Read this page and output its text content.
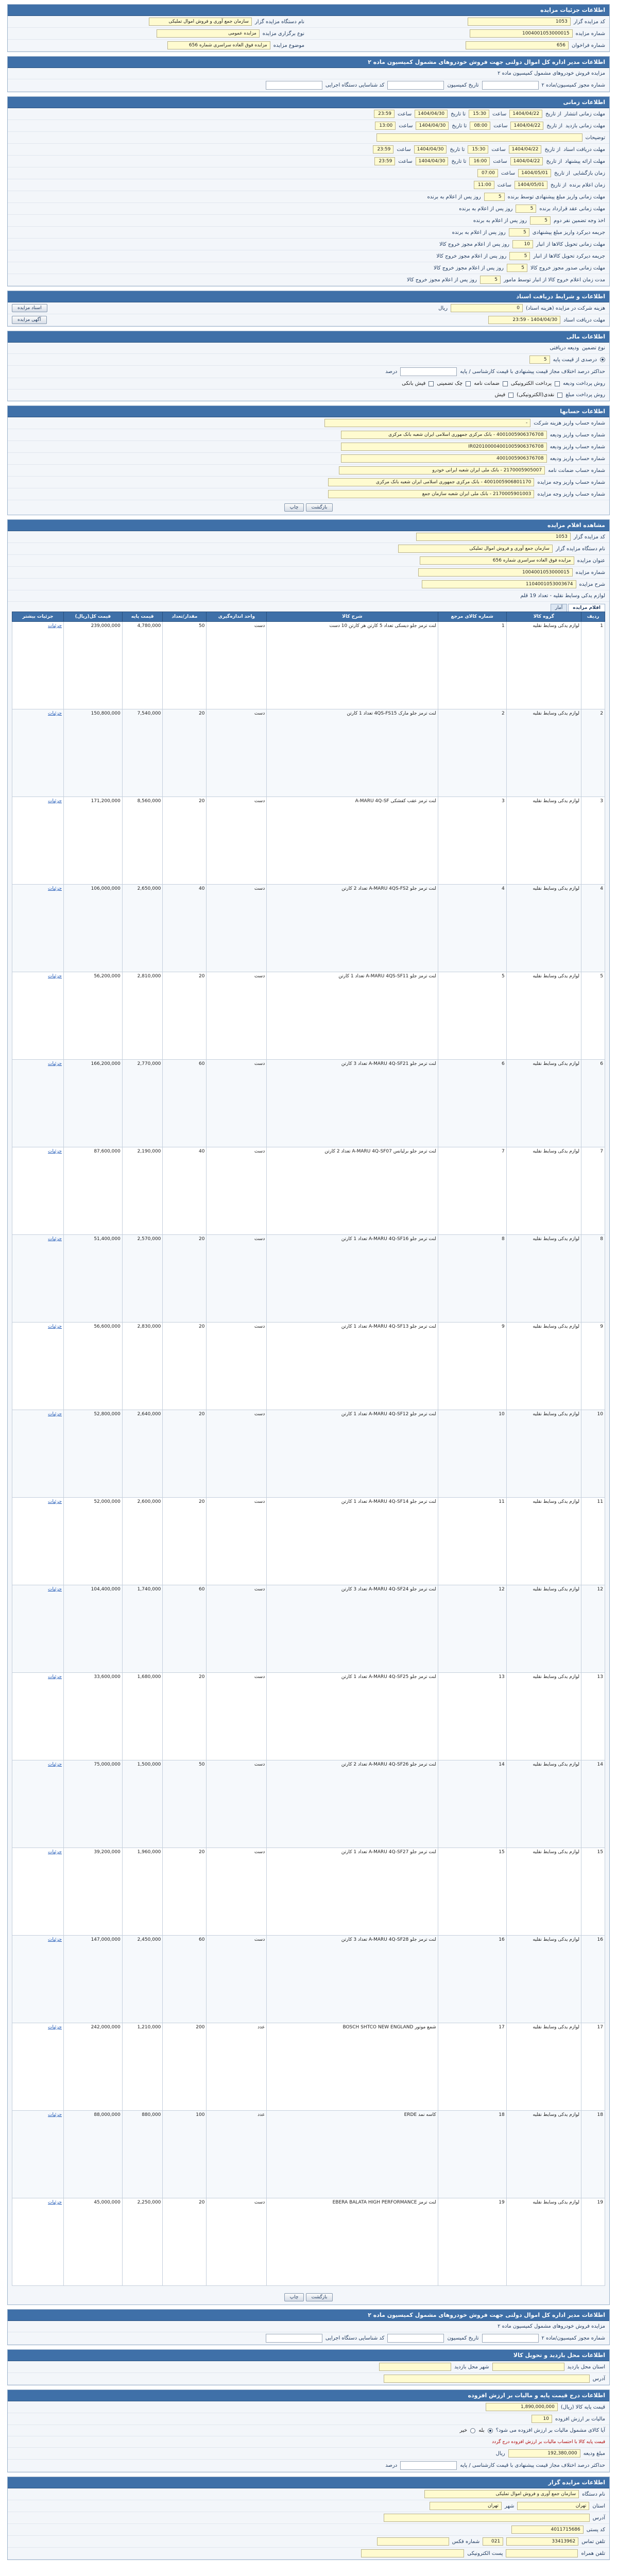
اطلاعات جزئیات مزایده
کد مزایده گزار
1053
نام دستگاه مزایده گزار
سازمان جمع آوری و فروش اموال تملیکی
شماره مزایده
1004001053000015
نوع برگزاری مزایده
مزایده عمومی
شماره فراخوان
656
موضوع مزایده
مزایده فوق العاده سراسری شماره 656
اطلاعات مدیر اداره کل اموال دولتی جهت فروش خودروهای مشمول کمیسیون ماده ۲
مزایده فروش خودروهای مشمول کمیسیون ماده ۲
شماره مجوز کمیسیون/ماده ۲
تاریخ کمیسیون
کد شناسایی دستگاه اجرایی
اطلاعات زمانی
مهلت زمانی انتشار
از تاریخ
1404/04/22
ساعت
15:30
تا تاریخ
1404/04/30
ساعت
23:59
مهلت زمانی بازدید
از تاریخ
1404/04/22
ساعت
08:00
تا تاریخ
1404/04/30
ساعت
13:00
توضیحات
مهلت دریافت اسناد
از تاریخ
1404/04/22
ساعت
15:30
تا تاریخ
1404/04/30
ساعت
23:59
مهلت ارائه پیشنهاد
از تاریخ
1404/04/22
ساعت
16:00
تا تاریخ
1404/04/30
ساعت
23:59
زمان بازگشایی
از تاریخ
1404/05/01
ساعت
07:00
زمان اعلام برنده
از تاریخ
1404/05/01
ساعت
11:00
مهلت زمانی واریز مبلغ پیشنهادی توسط برنده
5
روز پس از اعلام به برنده
مهلت زمانی عقد قرارداد برنده
5
روز پس از اعلام به برنده
اخذ وجه تضمین نفر دوم
5
روز پس از اعلام به برنده
جریمه دیرکرد واریز مبلغ پیشنهادی
5
روز پس از اعلام به برنده
مهلت زمانی تحویل کالاها از انبار
10
روز پس از اعلام مجوز خروج کالا
جریمه دیرکرد تحویل کالاها از انبار
5
روز پس از اعلام مجوز خروج کالا
مهلت زمانی صدور مجوز خروج کالا
5
روز پس از اعلام مجوز خروج کالا
مدت زمان اعلام خروج کالا از انبار توسط مامور
5
روز پس از اعلام مجوز خروج کالا
اطلاعات و شرایط دریافت اسناد
هزینه شرکت در مزایده (هزینه اسناد)
0
ریال
اسناد مزایده
مهلت دریافت اسناد
1404/04/30 - 23:59
آگهی مزایده
اطلاعات مالی
نوع تضمین
ودیعه دریافتی
درصدی از قیمت پایه
5
حداکثر درصد اختلاف مجاز قیمت پیشنهادی با قیمت کارشناسی / پایه
درصد
روش پرداخت ودیعه
پرداخت الکترونیکی
ضمانت نامه
چک تضمینی
فیش بانکی
روش پرداخت مبلغ
نقدی(الکترونیکی)
فیش
اطلاعات حسابها
شماره حساب واریز هزینه شرکت
-
شماره حساب واریز ودیعه
4001005906376708 - بانک مرکزی جمهوری اسلامی ایران شعبه بانک مرکزی
شماره حساب واریز ودیعه
IR020100004001005906376708
شماره حساب واریز ودیعه
4001005906376708
شماره حساب ضمانت نامه
2170005905007 - بانک ملی ایران شعبه ایرانی خودرو
شماره حساب واریز وجه مزایده
4001005906801170 - بانک مرکزی جمهوری اسلامی ایران شعبه بانک مرکزی
شماره حساب واریز وجه مزایده
2170005901003 - بانک ملی ایران شعبه سازمان جمع
بازگشت چاپ
مشاهده اقلام مزایده
کد مزایده گزار
1053
نام دستگاه مزایده گزار
سازمان جمع آوری و فروش اموال تملیکی
عنوان مزایده
مزایده فوق العاده سراسری شماره 656
شماره مزایده
1004001053000015
شرح مزایده
1104001053003674
لوازم یدکی وسایط نقلیه - تعداد 19 قلم
اقلام مزایده
آمار
ردیف	گروه کالا	شماره کالای مرجع	شرح کالا	واحد اندازه‌گیری	مقدار/تعداد	قیمت پایه	قیمت کل(ریال)	جزئیات بیشتر
1	لوازم یدکی وسایط نقلیه	1	لنت ترمز جلو دیسکی تعداد 5 کارتن هر کارتن 10 دست	دست	50	4,780,000	239,000,000	جزئیات
2	لوازم یدکی وسایط نقلیه	2	لنت ترمز جلو مارک 4QS-FS15 تعداد 1 کارتن	دست	20	7,540,000	150,800,000	جزئیات
3	لوازم یدکی وسایط نقلیه	3	لنت ترمز عقب کفشکی A-MARU 4Q-SF	دست	20	8,560,000	171,200,000	جزئیات
4	لوازم یدکی وسایط نقلیه	4	لنت ترمز جلو A-MARU 4QS-FS2 تعداد 2 کارتن	دست	40	2,650,000	106,000,000	جزئیات
5	لوازم یدکی وسایط نقلیه	5	لنت ترمز جلو A-MARU 4QS-SF11 تعداد 1 کارتن	دست	20	2,810,000	56,200,000	جزئیات
6	لوازم یدکی وسایط نقلیه	6	لنت ترمز جلو A-MARU 4Q-SF21 تعداد 3 کارتن	دست	60	2,770,000	166,200,000	جزئیات
7	لوازم یدکی وسایط نقلیه	7	لنت ترمز جلو برلیانس A-MARU 4Q-SF07 تعداد 2 کارتن	دست	40	2,190,000	87,600,000	جزئیات
8	لوازم یدکی وسایط نقلیه	8	لنت ترمز جلو A-MARU 4Q-SF16 تعداد 1 کارتن	دست	20	2,570,000	51,400,000	جزئیات
9	لوازم یدکی وسایط نقلیه	9	لنت ترمز جلو A-MARU 4Q-SF13 تعداد 1 کارتن	دست	20	2,830,000	56,600,000	جزئیات
10	لوازم یدکی وسایط نقلیه	10	لنت ترمز جلو A-MARU 4Q-SF12 تعداد 1 کارتن	دست	20	2,640,000	52,800,000	جزئیات
11	لوازم یدکی وسایط نقلیه	11	لنت ترمز جلو A-MARU 4Q-SF14 تعداد 1 کارتن	دست	20	2,600,000	52,000,000	جزئیات
12	لوازم یدکی وسایط نقلیه	12	لنت ترمز جلو A-MARU 4Q-SF24 تعداد 3 کارتن	دست	60	1,740,000	104,400,000	جزئیات
13	لوازم یدکی وسایط نقلیه	13	لنت ترمز جلو A-MARU 4Q-SF25 تعداد 1 کارتن	دست	20	1,680,000	33,600,000	جزئیات
14	لوازم یدکی وسایط نقلیه	14	لنت ترمز جلو A-MARU 4Q-SF26 تعداد 2 کارتن	دست	50	1,500,000	75,000,000	جزئیات
15	لوازم یدکی وسایط نقلیه	15	لنت ترمز جلو A-MARU 4Q-SF27 تعداد 1 کارتن	دست	20	1,960,000	39,200,000	جزئیات
16	لوازم یدکی وسایط نقلیه	16	لنت ترمز جلو A-MARU 4Q-SF28 تعداد 3 کارتن	دست	60	2,450,000	147,000,000	جزئیات
17	لوازم یدکی وسایط نقلیه	17	شمع موتور BOSCH SHTCO NEW ENGLAND	عدد	200	1,210,000	242,000,000	جزئیات
18	لوازم یدکی وسایط نقلیه	18	کاسه نمد ERDE	عدد	100	880,000	88,000,000	جزئیات
19	لوازم یدکی وسایط نقلیه	19	لنت ترمز EBERA BALATA HIGH PERFORMANCE	دست	20	2,250,000	45,000,000	جزئیات
بازگشت چاپ
اطلاعات مدیر اداره کل اموال دولتی جهت فروش خودروهای مشمول کمیسیون ماده ۲
مزایده فروش خودروهای مشمول کمیسیون ماده ۲
شماره مجوز کمیسیون/ماده ۲
تاریخ کمیسیون
کد شناسایی دستگاه اجرایی
اطلاعات محل بازدید و تحویل کالا
استان محل بازدید
شهر محل بازدید
آدرس
اطلاعات درج قیمت پایه و مالیات بر ارزش افزوده
قیمت پایه کالا (ریال)
1,890,000,000
مالیات بر ارزش افزوده
10
آیا کالای مشمول مالیات بر ارزش افزوده می شود؟
بله
خیر
قیمت پایه کالا با احتساب مالیات بر ارزش افزوده درج گردد
مبلغ ودیعه
192,380,000
ریال
حداکثر درصد اختلاف مجاز قیمت پیشنهادی با قیمت کارشناسی / پایه
درصد
اطلاعات مزایده گزار
نام دستگاه
سازمان جمع آوری و فروش اموال تملیکی
استان
تهران
شهر
تهران
آدرس
کد پستی
4011715686
تلفن تماس
33413962
021
شماره فکس
تلفن همراه
پست الکترونیکی
